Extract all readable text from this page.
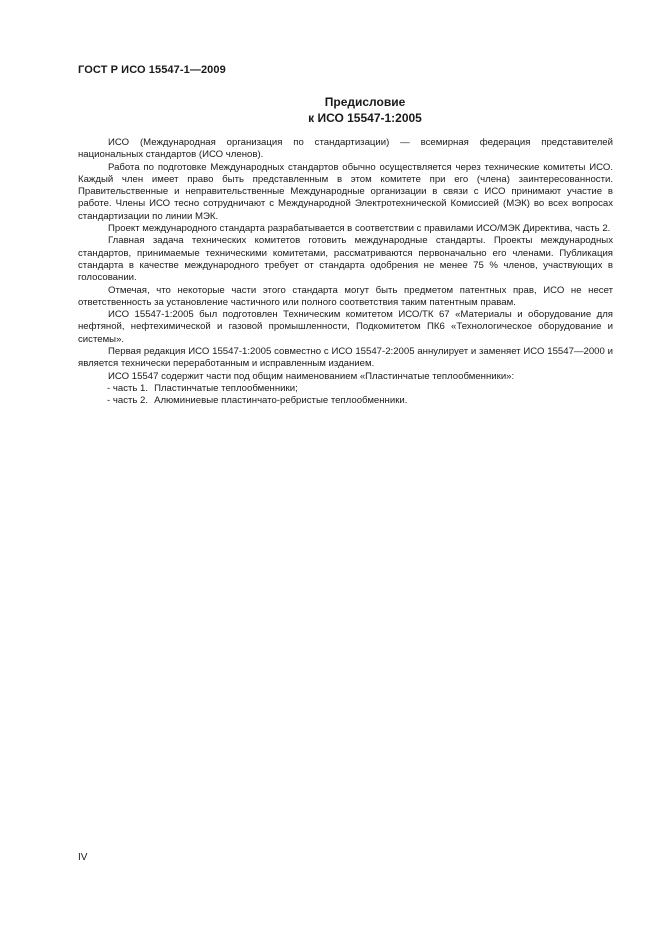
ГОСТ Р ИСО 15547-1—2009
Предисловие
к ИСО 15547-1:2005

ИСО (Международная организация по стандартизации) — всемирная федерация представителей национальных стандартов (ИСО членов).

Работа по подготовке Международных стандартов обычно осуществляется через технические комитеты ИСО. Каждый член имеет право быть представленным в этом комитете при его (члена) заинтересованности. Правительственные и неправительственные Международные организации в связи с ИСО принимают участие в работе. Члены ИСО тесно сотрудничают с Международной Электротехнической Комиссией (МЭК) во всех вопросах стандартизации по линии МЭК.

Проект международного стандарта разрабатывается в соответствии с правилами ИСО/МЭК Директива, часть 2.

Главная задача технических комитетов готовить международные стандарты. Проекты международных стандартов, принимаемые техническими комитетами, рассматриваются первоначально его членами. Публикация стандарта в качестве международного требует от стандарта одобрения не менее 75 % членов, участвующих в голосовании.

Отмечая, что некоторые части этого стандарта могут быть предметом патентных прав, ИСО не несет ответственность за установление частичного или полного соответствия таким патентным правам.

ИСО 15547-1:2005 был подготовлен Техническим комитетом ИСО/ТК 67 «Материалы и оборудование для нефтяной, нефтехимической и газовой промышленности, Подкомитетом ПК6 «Технологическое оборудование и системы».

Первая редакция ИСО 15547-1:2005 совместно с ИСО 15547-2:2005 аннулирует и заменяет ИСО 15547—2000 и является технически переработанным и исправленным изданием.

ИСО 15547 содержит части под общим наименованием «Пластинчатые теплообменники»:

- часть 1. Пластинчатые теплообменники;

- часть 2. Алюминиевые пластинчато-ребристые теплообменники.

IV
